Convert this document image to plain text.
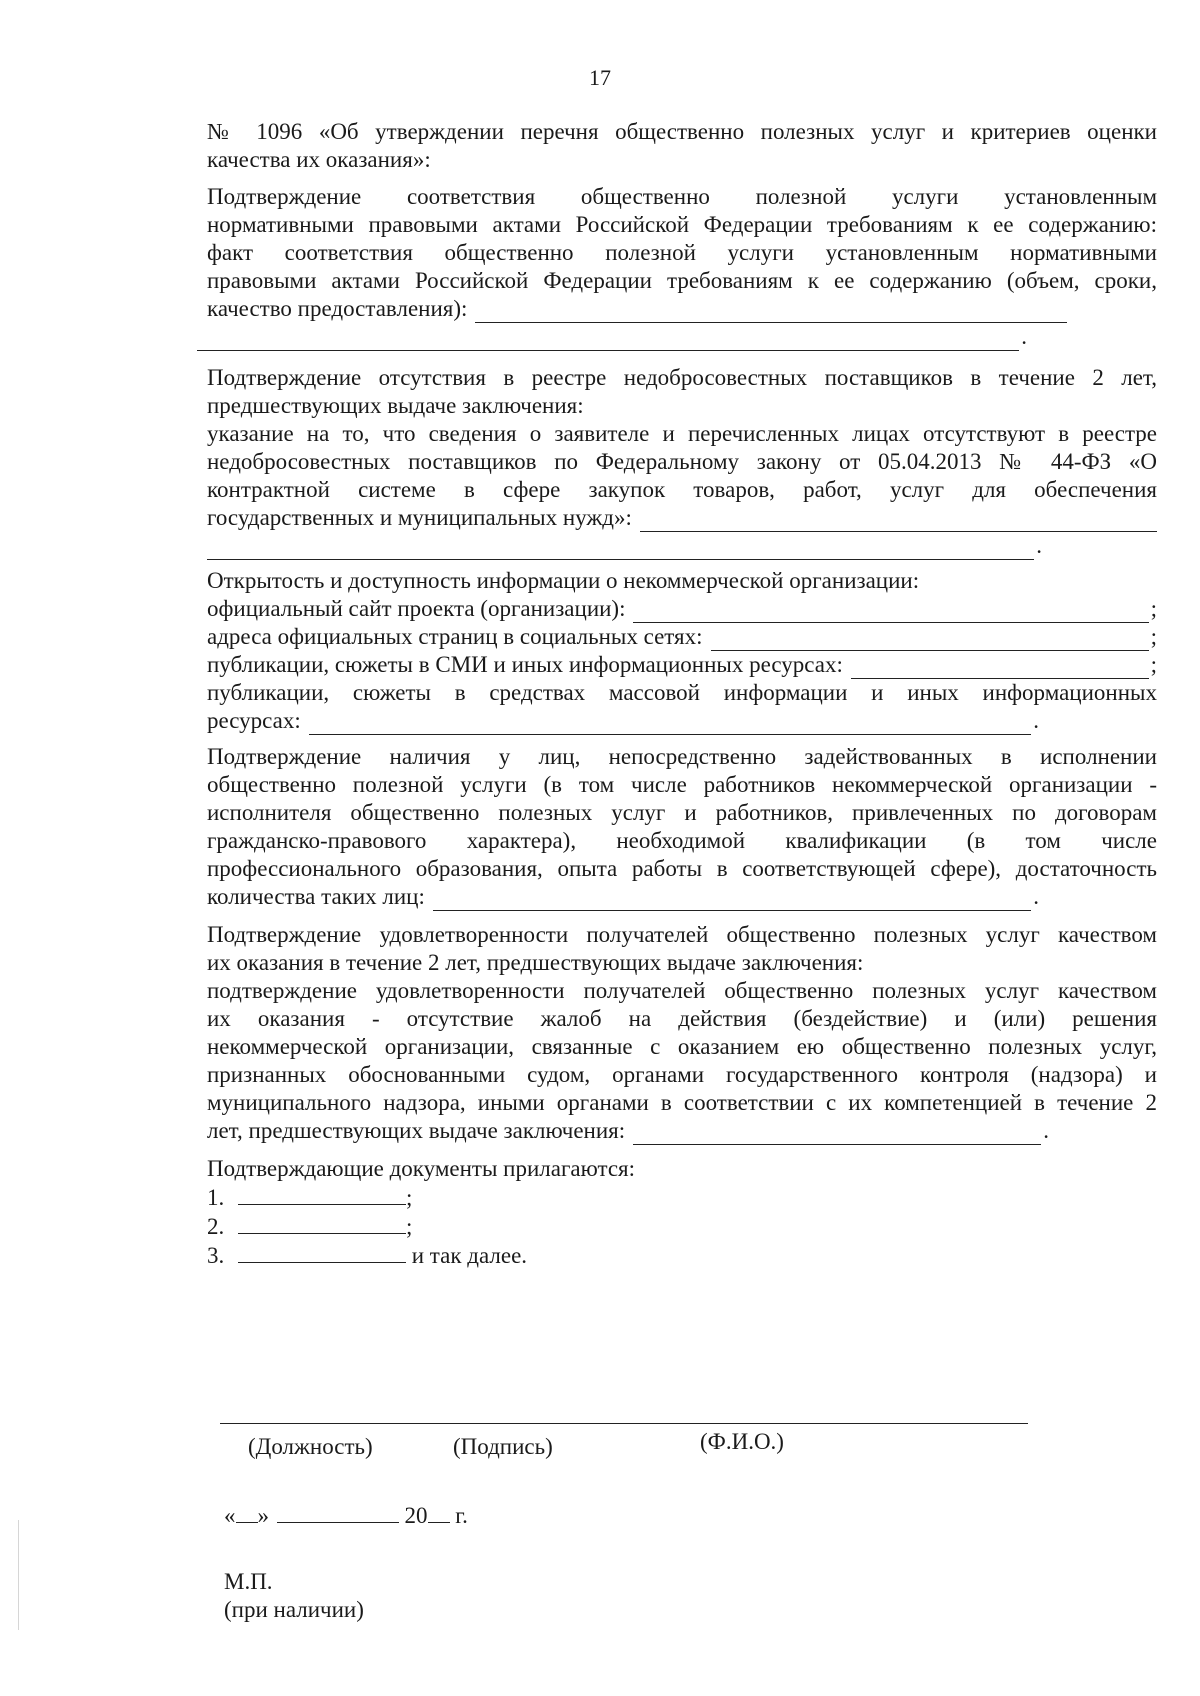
17

№ 1096 «Об утверждении перечня общественно полезных услуг и критериев оценки

качества их оказания»:

Подтверждение соответствия общественно полезной услуги установленным

нормативными правовыми актами Российской Федерации требованиям к ее содержанию:

факт соответствия общественно полезной услуги установленным нормативными

правовыми актами Российской Федерации требованиям к ее содержанию (объем, сроки,

качество предоставления):
.

Подтверждение отсутствия в реестре недобросовестных поставщиков в течение 2 лет,

предшествующих выдаче заключения:

указание на то, что сведения о заявителе и перечисленных лицах отсутствуют в реестре

недобросовестных поставщиков по Федеральному закону от 05.04.2013 № 44-ФЗ «О

контрактной системе в сфере закупок товаров, работ, услуг для обеспечения

государственных и муниципальных нужд»:
.

Открытость и доступность информации о некоммерческой организации:

официальный сайт проекта (организации):	;
адреса официальных страниц в социальных сетях:	;
публикации, сюжеты в СМИ и иных информационных ресурсах:	;

публикации, сюжеты в средствах массовой информации и иных информационных

ресурсах:	.

Подтверждение наличия у лиц, непосредственно задействованных в исполнении

общественно полезной услуги (в том числе работников некоммерческой организации -

исполнителя общественно полезных услуг и работников, привлеченных по договорам

гражданско-правового характера), необходимой квалификации (в том числе

профессионального образования, опыта работы в соответствующей сфере), достаточность

количества таких лиц:	.

Подтверждение удовлетворенности получателей общественно полезных услуг качеством

их оказания в течение 2 лет, предшествующих выдаче заключения:

подтверждение удовлетворенности получателей общественно полезных услуг качеством

их оказания - отсутствие жалоб на действия (бездействие) и (или) решения

некоммерческой организации, связанные с оказанием ею общественно полезных услуг,

признанных обоснованными судом, органами государственного контроля (надзора) и

муниципального надзора, иными органами в соответствии с их компетенцией в течение 2

лет, предшествующих выдаче заключения:	.

Подтверждающие документы прилагаются:

1.	;
2.	;
3.	и так далее.
(Должность)	(Подпись)	(Ф.И.О.)
« »	20 г.
М.П.
(при наличии)
